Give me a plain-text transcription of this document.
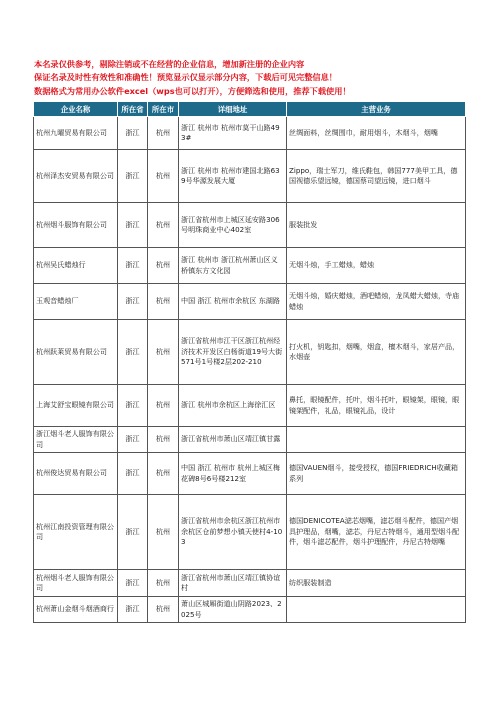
本名录仅供参考，剔除注销或不在经营的企业信息，增加新注册的企业内容
保证名录及时性有效性和准确性！预览显示仅显示部分内容，下载后可见完整信息！
数据格式为常用办公软件excel（wps也可以打开），方便筛选和使用，推荐下载使用！
企业名称	所在省	所在市	详细地址	主营业务
杭州九曜贸易有限公司	浙江	杭州	浙江 杭州市 杭州市莫干山路493#	丝绸面料，丝绸围巾，耐用烟斗，木烟斗，烟嘴
杭州泽杰安贸易有限公司	浙江	杭州	浙江 杭州市 杭州市建国北路639号华源发展大厦	Zippo，瑞士军刀，维氏鞋包，韩国777美甲工具，德国视德乐望远镜，德国蔡司望远镜，进口烟斗
杭州烟斗服饰有限公司	浙江	杭州	浙江省杭州市上城区延安路306号明珠商业中心402室	服装批发
杭州吴氏蜡烛行	浙江	杭州	浙江 杭州市 浙江杭州萧山区义桥镇东方文化园	无烟斗烛，手工蜡烛，蜡烛
玉观音蜡烛厂	浙江	杭州	中国 浙江 杭州市余杭区 东湖路	无烟斗烛，婚庆蜡烛，酒吧蜡烛，龙凤蜡大蜡烛，寺庙蜡烛
杭州跃莱贸易有限公司	浙江	杭州	浙江省杭州市江干区浙江杭州经济技术开发区白杨街道19号大街571号1号楼2层202-210	打火机，钥匙扣，烟嘴，烟盒，檀木烟斗，家居产品，水烟壶
上海艾舒宝眼镜有限公司	浙江	杭州	浙江 杭州市余杭区上海徐汇区	鼻托，眼镜配件，托叶，烟斗托叶，眼镜架，眼镜，眼镜架配件，礼品，眼镜礼品，设计
浙江烟斗老人服饰有限公司	浙江	杭州	浙江省杭州市萧山区靖江镇甘露	
杭州俊达贸易有限公司	浙江	杭州	中国 浙江 杭州市 杭州上城区梅花碑8号6号楼212室	德国VAUEN烟斗，接受授权，德国FRIEDRICH收藏箱系列
杭州江南投资管理有限公司	浙江	杭州	浙江省杭州市余杭区浙江杭州市余杭区仓前梦想小镇天使村4-103	德国DENICOTEA滤芯烟嘴，滤芯烟斗配件，德国产烟具护理品，烟嘴，滤芯，丹尼古特烟斗，通用型烟斗配件，烟斗滤芯配件，烟斗护理配件，丹尼古特烟嘴
杭州烟斗老人服饰有限公司	浙江	杭州	浙江省杭州市萧山区靖江镇协谊村	纺织服装制造
杭州萧山金烟斗烟酒商行	浙江	杭州	萧山区城厢街道山阴路2023、2025号	
